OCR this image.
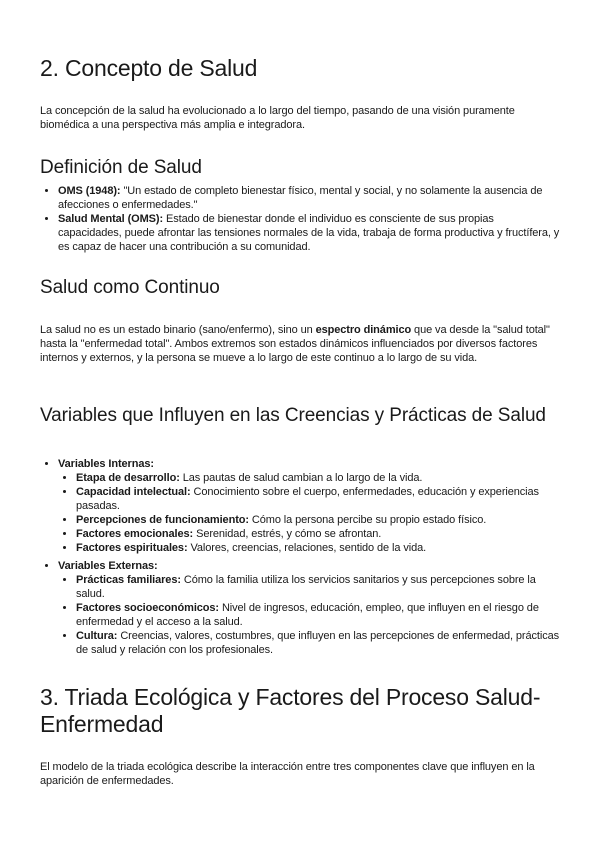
2. Concepto de Salud

La concepción de la salud ha evolucionado a lo largo del tiempo, pasando de una visión puramente biomédica a una perspectiva más amplia e integradora.

Definición de Salud
• OMS (1948): "Un estado de completo bienestar físico, mental y social, y no solamente la ausencia de afecciones o enfermedades."
• Salud Mental (OMS): Estado de bienestar donde el individuo es consciente de sus propias capacidades, puede afrontar las tensiones normales de la vida, trabaja de forma productiva y fructífera, y es capaz de hacer una contribución a su comunidad.
Salud como Continuo

La salud no es un estado binario (sano/enfermo), sino un espectro dinámico que va desde la "salud total" hasta la "enfermedad total". Ambos extremos son estados dinámicos influenciados por diversos factores internos y externos, y la persona se mueve a lo largo de este continuo a lo largo de su vida.

Variables que Influyen en las Creencias y Prácticas de Salud
• Variables Internas:
• Etapa de desarrollo: Las pautas de salud cambian a lo largo de la vida.
• Capacidad intelectual: Conocimiento sobre el cuerpo, enfermedades, educación y experiencias pasadas.
• Percepciones de funcionamiento: Cómo la persona percibe su propio estado físico.
• Factores emocionales: Serenidad, estrés, y cómo se afrontan.
• Factores espirituales: Valores, creencias, relaciones, sentido de la vida.
• Variables Externas:
• Prácticas familiares: Cómo la familia utiliza los servicios sanitarios y sus percepciones sobre la salud.
• Factores socioeconómicos: Nivel de ingresos, educación, empleo, que influyen en el riesgo de enfermedad y el acceso a la salud.
• Cultura: Creencias, valores, costumbres, que influyen en las percepciones de enfermedad, prácticas de salud y relación con los profesionales.
3. Triada Ecológica y Factores del Proceso Salud-Enfermedad

El modelo de la triada ecológica describe la interacción entre tres componentes clave que influyen en la aparición de enfermedades.
